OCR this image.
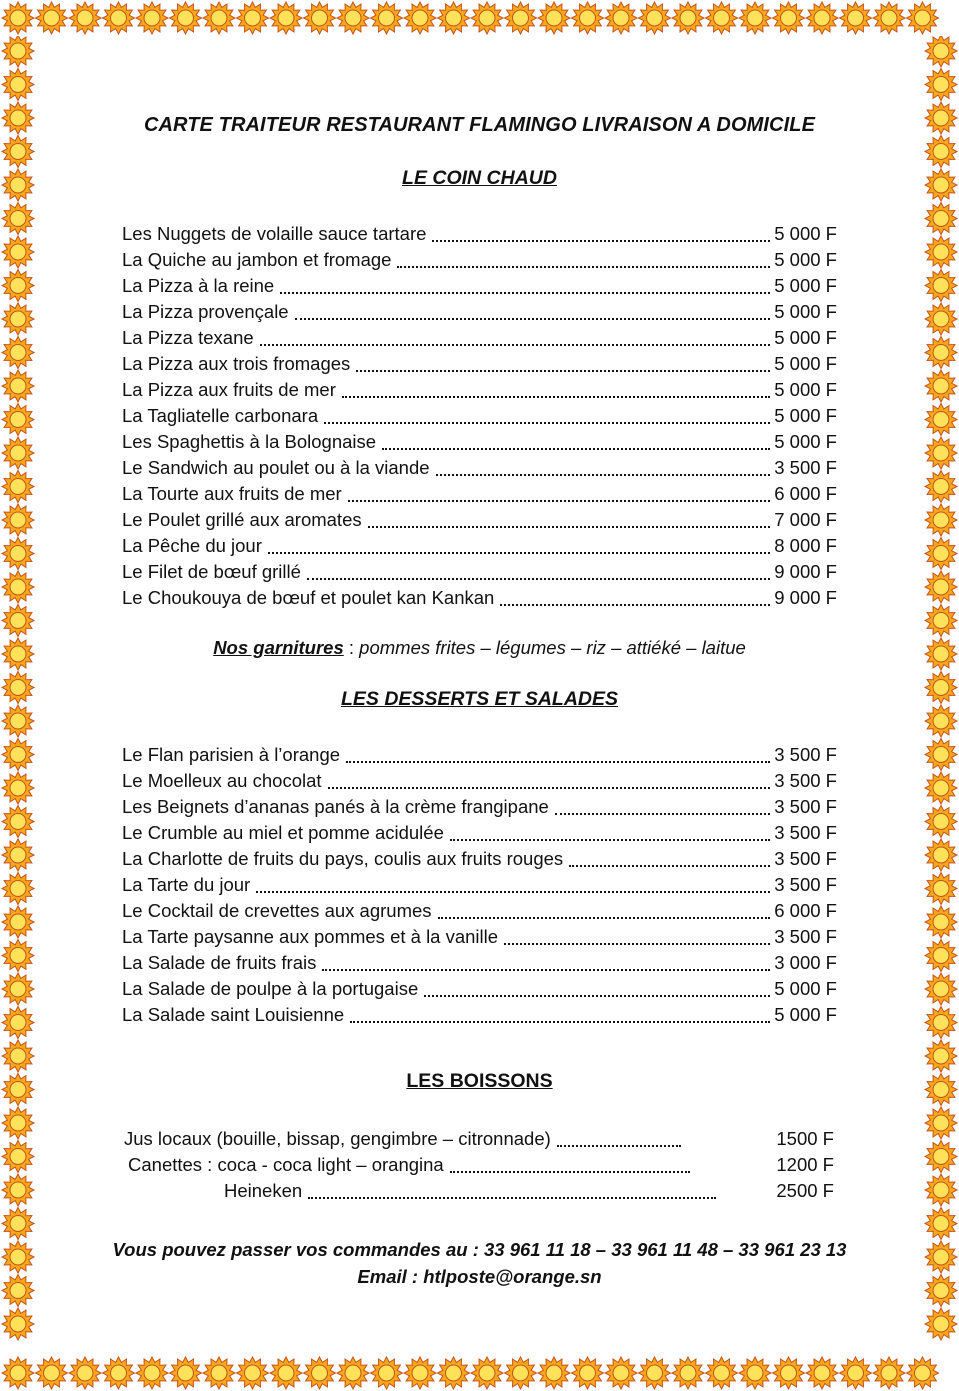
CARTE TRAITEUR RESTAURANT FLAMINGO LIVRAISON A DOMICILE
LE COIN CHAUD
Les Nuggets de volaille sauce tartare	5 000 F
La Quiche au jambon et fromage	5 000 F
La Pizza à la reine	5 000 F
La Pizza provençale	5 000 F
La Pizza texane	5 000 F
La Pizza aux trois fromages	5 000 F
La Pizza aux fruits de mer	5 000 F
La Tagliatelle carbonara	5 000 F
Les Spaghettis à la Bolognaise	5 000 F
Le Sandwich au poulet ou à la viande	3 500 F
La Tourte aux fruits de mer	6 000 F
Le Poulet grillé aux aromates	7 000 F
La Pêche du jour	8 000 F
Le Filet de bœuf grillé	9 000 F
Le Choukouya de bœuf et poulet kan Kankan	9 000 F
Nos garnitures : pommes frites – légumes – riz – attiéké – laitue
LES DESSERTS ET SALADES
Le Flan parisien à l’orange	3 500 F
Le Moelleux au chocolat	3 500 F
Les Beignets d’ananas panés à la crème frangipane	3 500 F
Le Crumble au miel et pomme acidulée	3 500 F
La Charlotte de fruits du pays, coulis aux fruits rouges	3 500 F
La Tarte du jour	3 500 F
Le Cocktail de crevettes aux agrumes	6 000 F
La Tarte paysanne aux pommes et à la vanille	3 500 F
La Salade de fruits frais	3 000 F
La Salade de poulpe à la portugaise	5 000 F
La Salade saint Louisienne	5 000 F
LES BOISSONS
Jus locaux (bouille, bissap, gengimbre – citronnade)	1500 F
Canettes : coca - coca light – orangina	1200 F
Heineken	2500 F
Vous pouvez passer vos commandes au : 33 961 11 18 – 33 961 11 48 – 33 961 23 13
Email : htlposte@orange.sn
